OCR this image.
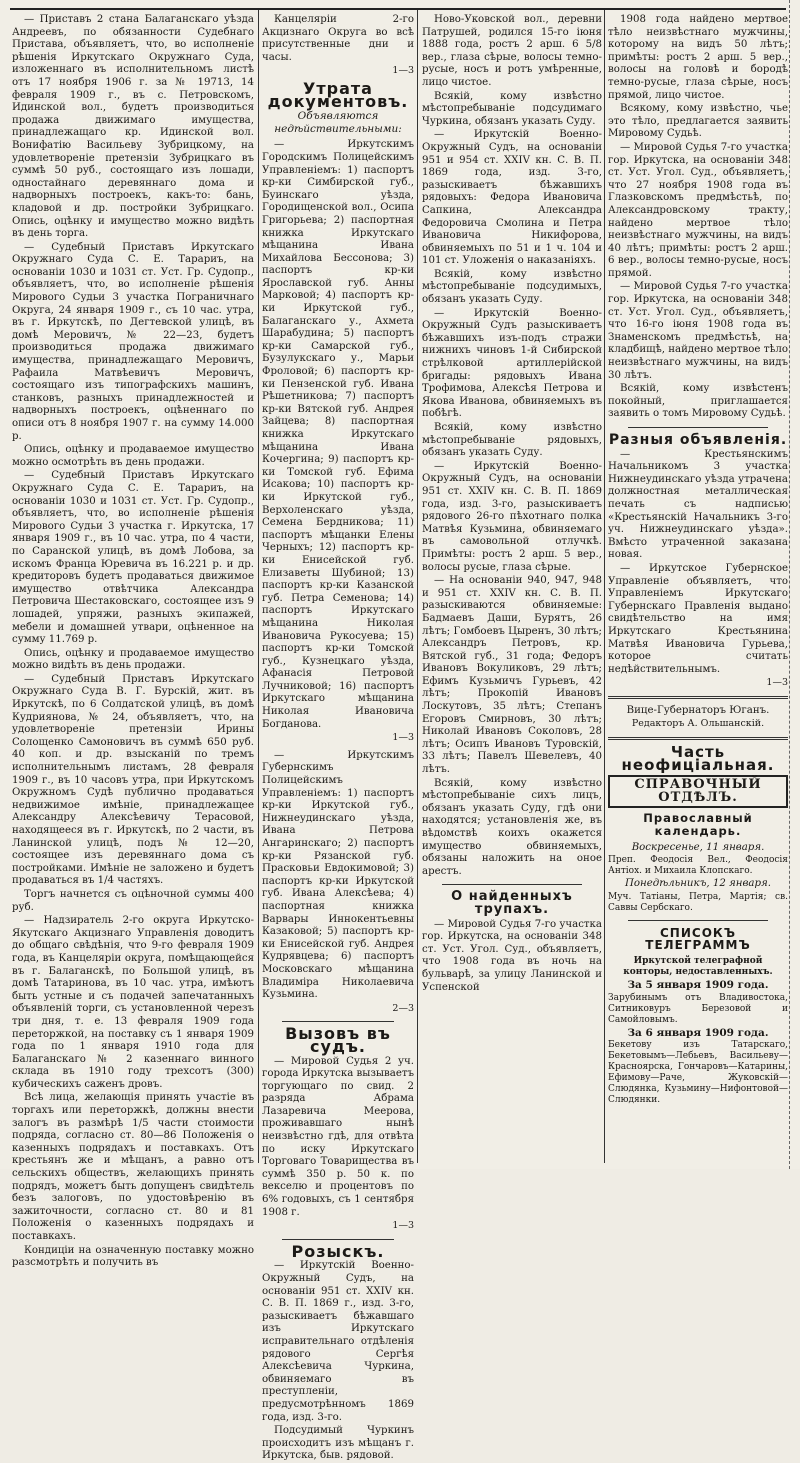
— Приставъ 2 стана Балаганскаго уѣзда Андреевъ, по обязанности Судебнаго Пристава, объявляетъ, что, во исполненіе рѣшенія Иркутскаго Окружнаго Суда, изложеннаго въ исполнительномъ листѣ отъ 17 ноября 1906 г. за № 19713, 14 февраля 1909 г., въ с. Петровскомъ, Идинской вол., будетъ производиться продажа движимаго имущества, принадлежащаго кр. Идинской вол. Вонифатію Васильеву Зубрицкому, на удовлетвореніе претензіи Зубрицкаго въ суммѣ 50 руб., состоящаго изъ лошади, одностайнаго деревяннаго дома и надворныхъ построекъ, какъ-то: бань, кладовой и др. постройки Зубрицкаго. Опись, оцѣнку и имущество можно видѣть въ день торга.

— Судебный Приставъ Иркутскаго Окружнаго Суда С. Е. Тарариъ, на основаніи 1030 и 1031 ст. Уст. Гр. Судопр., объявляетъ, что, во исполненіе рѣшенія Мирового Судьи 3 участка Пограничнаго Округа, 24 января 1909 г., съ 10 час. утра, въ г. Иркутскѣ, по Дегтевской улицѣ, въ домѣ Меровичъ, № 22—23, будетъ производиться продажа движимаго имущества, принадлежащаго Меровичъ, Рафаила Матвѣевичъ Меровичъ, состоящаго изъ типографскихъ машинъ, станковъ, разныхъ принадлежностей и надворныхъ построекъ, оцѣненнаго по описи отъ 8 ноября 1907 г. на сумму 14.000 р.

Опись, оцѣнку и продаваемое имущество можно осмотрѣть въ день продажи.

— Судебный Приставъ Иркутскаго Окружнаго Суда С. Е. Тарариъ, на основаніи 1030 и 1031 ст. Уст. Гр. Судопр., объявляетъ, что, во исполненіе рѣшенія Мирового Судьи 3 участка г. Иркутска, 17 января 1909 г., въ 10 час. утра, по 4 части, по Саранской улицѣ, въ домѣ Лобова, за искомъ Франца Юревича въ 16.221 р. и др. кредиторовъ будетъ продаваться движимое имущество отвѣтчика Александра Петровича Шестаковскаго, состоящее изъ 9 лошадей, упряжи, разныхъ экипажей, мебели и домашней утвари, оцѣненное на сумму 11.769 р.

Опись, оцѣнку и продаваемое имущество можно видѣть въ день продажи.

— Судебный Приставъ Иркутскаго Окружнаго Суда В. Г. Бурскій, жит. въ Иркутскѣ, по 6 Солдатской улицѣ, въ домѣ Кудриянова, № 24, объявляетъ, что, на удовлетвореніе претензіи Ирины Солощенко Самоновичъ въ суммѣ 650 руб. 40 коп. и др. взысканій по тремъ исполнительнымъ листамъ, 28 февраля 1909 г., въ 10 часовъ утра, при Иркутскомъ Окружномъ Судѣ публично продаваться недвижимое имѣніе, принадлежащее Александру Алексѣевичу Терасовой, находящееся въ г. Иркутскѣ, по 2 части, въ Ланинской улицѣ, подъ № 12—20, состоящее изъ деревяннаго дома съ постройками. Имѣніе не заложено и будетъ продаваться въ 1/4 частяхъ.

Торгъ начнется съ оцѣночной суммы 400 руб.

— Надзиратель 2-го округа Иркутско-Якутскаго Акцизнаго Управленія доводитъ до общаго свѣдѣнія, что 9-го февраля 1909 года, въ Канцеляріи округа, помѣщающейся въ г. Балаганскѣ, по Большой улицѣ, въ домѣ Татаринова, въ 10 час. утра, имѣютъ быть устные и съ подачей запечатанныхъ объявленій торги, съ установленной черезъ три дня, т. е. 13 февраля 1909 года переторжкой, на поставку съ 1 января 1909 года по 1 января 1910 года для Балаганскаго № 2 казеннаго винного склада въ 1910 году трехсотъ (300) кубическихъ саженъ дровъ.

Всѣ лица, желающія принять участіе въ торгахъ или переторжкѣ, должны внести залогъ въ размѣрѣ 1/5 части стоимости подряда, согласно ст. 80—86 Положенія о казенныхъ подрядахъ и поставкахъ. Отъ крестьянъ же и мѣщанъ, а равно отъ сельскихъ обществъ, желающихъ принять подрядъ, можетъ быть допущенъ свидѣтель безъ залоговъ, по удостовѣренію въ зажиточности, согласно ст. 80 и 81 Положенія о казенныхъ подрядахъ и поставкахъ.

Кондиціи на означенную поставку можно разсмотрѣть и получить въ

Канцеляріи 2-го Акцизнаго Округа во всѣ присутственные дни и часы.

1—3
Утрата документовъ.
Объявляются недѣйствительными:

— Иркутскимъ Городскимъ Полицейскимъ Управленіемъ: 1) паспортъ кр-ки Симбирской губ., Буинскаго уѣзда, Городищенской вол., Осипа Григорьева; 2) паспортная книжка Иркутскаго мѣщанина Ивана Михайлова Бессонова; 3) паспортъ кр-ки Ярославской губ. Анны Марковой; 4) паспортъ кр-ки Иркутской губ., Балаганскаго у., Ахмета Шарабудина; 5) паспортъ кр-ки Самарской губ., Бузулукскаго у., Марьи Фроловой; 6) паспортъ кр-ки Пензенской губ. Ивана Рѣшетникова; 7) паспортъ кр-ки Вятской губ. Андрея Зайцева; 8) паспортная книжка Иркутскаго мѣщанина Ивана Кочергина; 9) паспортъ кр-ки Томской губ. Ефима Исакова; 10) паспортъ кр-ки Иркутской губ., Верхоленскаго уѣзда, Семена Бердникова; 11) паспортъ мѣщанки Елены Черныхъ; 12) паспортъ кр-ки Енисейской губ. Елизаветы Шубиной; 13) паспортъ кр-ки Казанской губ. Петра Семенова; 14) паспортъ Иркутскаго мѣщанина Николая Ивановича Рукосуева; 15) паспортъ кр-ки Томской губ., Кузнецкаго уѣзда, Афанасія Петровой Лучниковой; 16) паспортъ Иркутскаго мѣщанина Николая Ивановича Богданова.

1—3

— Иркутскимъ Губернскимъ Полицейскимъ Управленіемъ: 1) паспортъ кр-ки Иркутской губ., Нижнеудинскаго уѣзда, Ивана Петрова Ангаринскаго; 2) паспортъ кр-ки Рязанской губ. Прасковьи Евдокимовой; 3) паспортъ кр-ки Иркутской губ. Ивана Алексѣева; 4) паспортная книжка Варвары Иннокентьевны Казаковой; 5) паспортъ кр-ки Енисейской губ. Андрея Кудрявцева; 6) паспортъ Московскаго мѣщанина Владиміра Николаевича Кузьмина.

2—3
Вызовъ въ судъ.

— Мировой Судья 2 уч. города Иркутска вызываетъ торгующаго по свид. 2 разряда Абрама Лазаревича Меерова, проживавшаго нынѣ неизвѣстно гдѣ, для отвѣта по иску Иркутскаго Торговаго Товарищества въ суммѣ 350 р. 50 к. по векселю и процентовъ по 6% годовыхъ, съ 1 сентября 1908 г.

1—3
Розыскъ.

— Иркутскій Военно-Окружный Судъ, на основаніи 951 ст. XXIV кн. С. В. П. 1869 г., изд. 3-го, разыскиваетъ бѣжавшаго изъ Иркутскаго исправительнаго отдѣленія рядового Сергѣя Алексѣевича Чуркина, обвиняемаго въ преступленіи, предусмотрѣнномъ 1869 года, изд. 3-го.

Подсудимый Чуркинъ происходитъ изъ мѣщанъ г. Иркутска, быв. рядовой.

Ново-Уковской вол., деревни Патрушей, родился 15-го іюня 1888 года, ростъ 2 арш. 6 5/8 вер., глаза сѣрые, волосы темно-русые, носъ и ротъ умѣренные, лицо чистое.

Всякій, кому извѣстно мѣстопребываніе подсудимаго Чуркина, обязанъ указать Суду.

— Иркутскій Военно-Окружный Судъ, на основаніи 951 и 954 ст. XXIV кн. С. В. П. 1869 года, изд. 3-го, разыскиваетъ бѣжавшихъ рядовыхъ: Федора Ивановича Сапкина, Александра Федоровича Смолина и Петра Ивановича Никифорова, обвиняемыхъ по 51 и 1 ч. 104 и 101 ст. Уложенія о наказаніяхъ.

Всякій, кому извѣстно мѣстопребываніе подсудимыхъ, обязанъ указать Суду.

— Иркутскій Военно-Окружный Судъ разыскиваетъ бѣжавшихъ изъ-подъ стражи нижнихъ чиновъ 1-й Сибирской стрѣлковой артиллерійской бригады: рядовыхъ Ивана Трофимова, Алексѣя Петрова и Якова Иванова, обвиняемыхъ въ побѣгѣ.

Всякій, кому извѣстно мѣстопребываніе рядовыхъ, обязанъ указать Суду.

— Иркутскій Военно-Окружный Судъ, на основаніи 951 ст. XXIV кн. С. В. П. 1869 года, изд. 3-го, разыскиваетъ рядового 26-го пѣхотнаго полка Матвѣя Кузьмина, обвиняемаго въ самовольной отлучкѣ. Примѣты: ростъ 2 арш. 5 вер., волосы русые, глаза сѣрые.

— На основаніи 940, 947, 948 и 951 ст. XXIV кн. С. В. П. разыскиваются обвиняемые: Бадмаевъ Даши, Бурятъ, 26 лѣтъ; Гомбоевъ Цыренъ, 30 лѣтъ; Александръ Петровъ, кр. Вятской губ., 31 года; Федоръ Ивановъ Вокуликовъ, 29 лѣтъ; Ефимъ Кузьмичъ Гурьевъ, 42 лѣтъ; Прокопій Ивановъ Лоскутовъ, 35 лѣтъ; Степанъ Егоровъ Смирновъ, 30 лѣтъ; Николай Ивановъ Соколовъ, 28 лѣтъ; Осипъ Ивановъ Туровскій, 33 лѣтъ; Павелъ Шевелевъ, 40 лѣтъ.

Всякій, кому извѣстно мѣстопребываніе сихъ лицъ, обязанъ указать Суду, гдѣ они находятся; установленія же, въ вѣдомствѣ коихъ окажется имущество обвиняемыхъ, обязаны наложить на оное арестъ.

О найденныхъ трупахъ.

— Мировой Судья 7-го участка гор. Иркутска, на основаніи 348 ст. Уст. Угол. Суд., объявляетъ, что 1908 года въ ночь на бульварѣ, за улицу Ланинской и Успенской

1908 года найдено мертвое тѣло неизвѣстнаго мужчины, которому на видъ 50 лѣтъ; примѣты: ростъ 2 арш. 5 вер., волосы на головѣ и бородѣ темно-русые, глаза сѣрые, носъ прямой, лицо чистое.

Всякому, кому извѣстно, чье это тѣло, предлагается заявить Мировому Судьѣ.

— Мировой Судья 7-го участка гор. Иркутска, на основаніи 348 ст. Уст. Угол. Суд., объявляетъ, что 27 ноября 1908 года въ Глазковскомъ предмѣстьѣ, по Александровскому тракту, найдено мертвое тѣло неизвѣстнаго мужчины, на видъ 40 лѣтъ; примѣты: ростъ 2 арш. 6 вер., волосы темно-русые, носъ прямой.

— Мировой Судья 7-го участка гор. Иркутска, на основаніи 348 ст. Уст. Угол. Суд., объявляетъ, что 16-го іюня 1908 года въ Знаменскомъ предмѣстьѣ, на кладбищѣ, найдено мертвое тѣло неизвѣстнаго мужчины, на видъ 30 лѣтъ.

Всякій, кому извѣстенъ покойный, приглашается заявить о томъ Мировому Судьѣ.

Разныя объявленія.

— Крестьянскимъ Начальникомъ 3 участка Нижнеудинскаго уѣзда утрачена должностная металлическая печать съ надписью «Крестьянскій Начальникъ 3-го уч. Нижнеудинскаго уѣзда». Вмѣсто утраченной заказана новая.

— Иркутское Губернское Управленіе объявляетъ, что Управленіемъ Иркутскаго Губернскаго Правленія выдано свидѣтельство на имя Иркутскаго Крестьянина Матвѣя Ивановича Гурьева, которое считать недѣйствительнымъ.

1—3

Вице-Губернаторъ Юганъ.

Редакторъ А. Ольшанскій.

Часть неофиціальная.
СПРАВОЧНЫЙ ОТДѢЛЪ.
Православный календарь.

Воскресенье, 11 января.

Преп. Феодосія Вел., Феодосія Антіох. и Михаила Клопскаго.

Понедѣльникъ, 12 января.

Муч. Татіаны, Петра, Мартія; св. Саввы Сербскаго.

СПИСОКЪ ТЕЛЕГРАММЪ

Иркутской телеграфной конторы, недоставленныхъ.

За 5 января 1909 года.

Зарубинымъ отъ Владивостока, Ситниковуръ Березовой и Самойловымъ.

За 6 января 1909 года.

Бекетову изъ Татарскаго, Бекетовымъ—Лебьевъ, Васильеву—Красноярска, Гончаровъ—Катарины, Ефимову—Раче, Жуковскій—Слюдянка, Кузьмину—Нифонтовой—Слюдянки.
